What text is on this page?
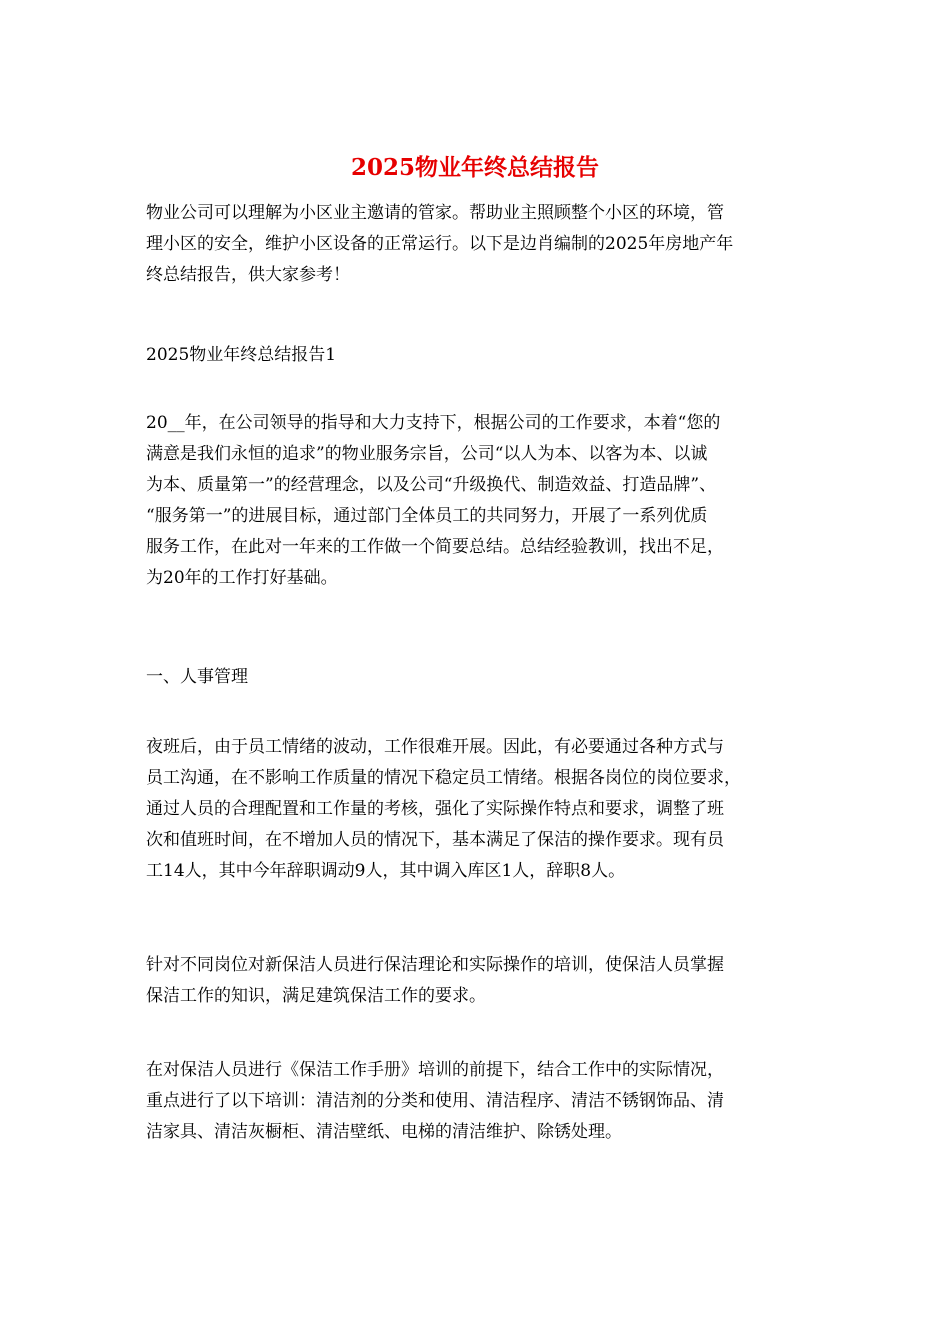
2025物业年终总结报告

物业公司可以理解为小区业主邀请的管家。帮助业主照顾整个小区的环境，管
理小区的安全，维护小区设备的正常运行。以下是边肖编制的2025年房地产年
终总结报告，供大家参考！

2025物业年终总结报告1

20__年，在公司领导的指导和大力支持下，根据公司的工作要求，本着“您的
满意是我们永恒的追求”的物业服务宗旨，公司“以人为本、以客为本、以诚
为本、质量第一”的经营理念，以及公司“升级换代、制造效益、打造品牌”、
“服务第一”的进展目标，通过部门全体员工的共同努力，开展了一系列优质
服务工作，在此对一年来的工作做一个简要总结。总结经验教训，找出不足，
为20年的工作打好基础。

一、人事管理

夜班后，由于员工情绪的波动，工作很难开展。因此，有必要通过各种方式与
员工沟通，在不影响工作质量的情况下稳定员工情绪。根据各岗位的岗位要求，
通过人员的合理配置和工作量的考核，强化了实际操作特点和要求，调整了班
次和值班时间，在不增加人员的情况下，基本满足了保洁的操作要求。现有员
工14人，其中今年辞职调动9人，其中调入库区1人，辞职8人。

针对不同岗位对新保洁人员进行保洁理论和实际操作的培训，使保洁人员掌握
保洁工作的知识，满足建筑保洁工作的要求。

在对保洁人员进行《保洁工作手册》培训的前提下，结合工作中的实际情况，
重点进行了以下培训：清洁剂的分类和使用、清洁程序、清洁不锈钢饰品、清
洁家具、清洁灰橱柜、清洁壁纸、电梯的清洁维护、除锈处理。
